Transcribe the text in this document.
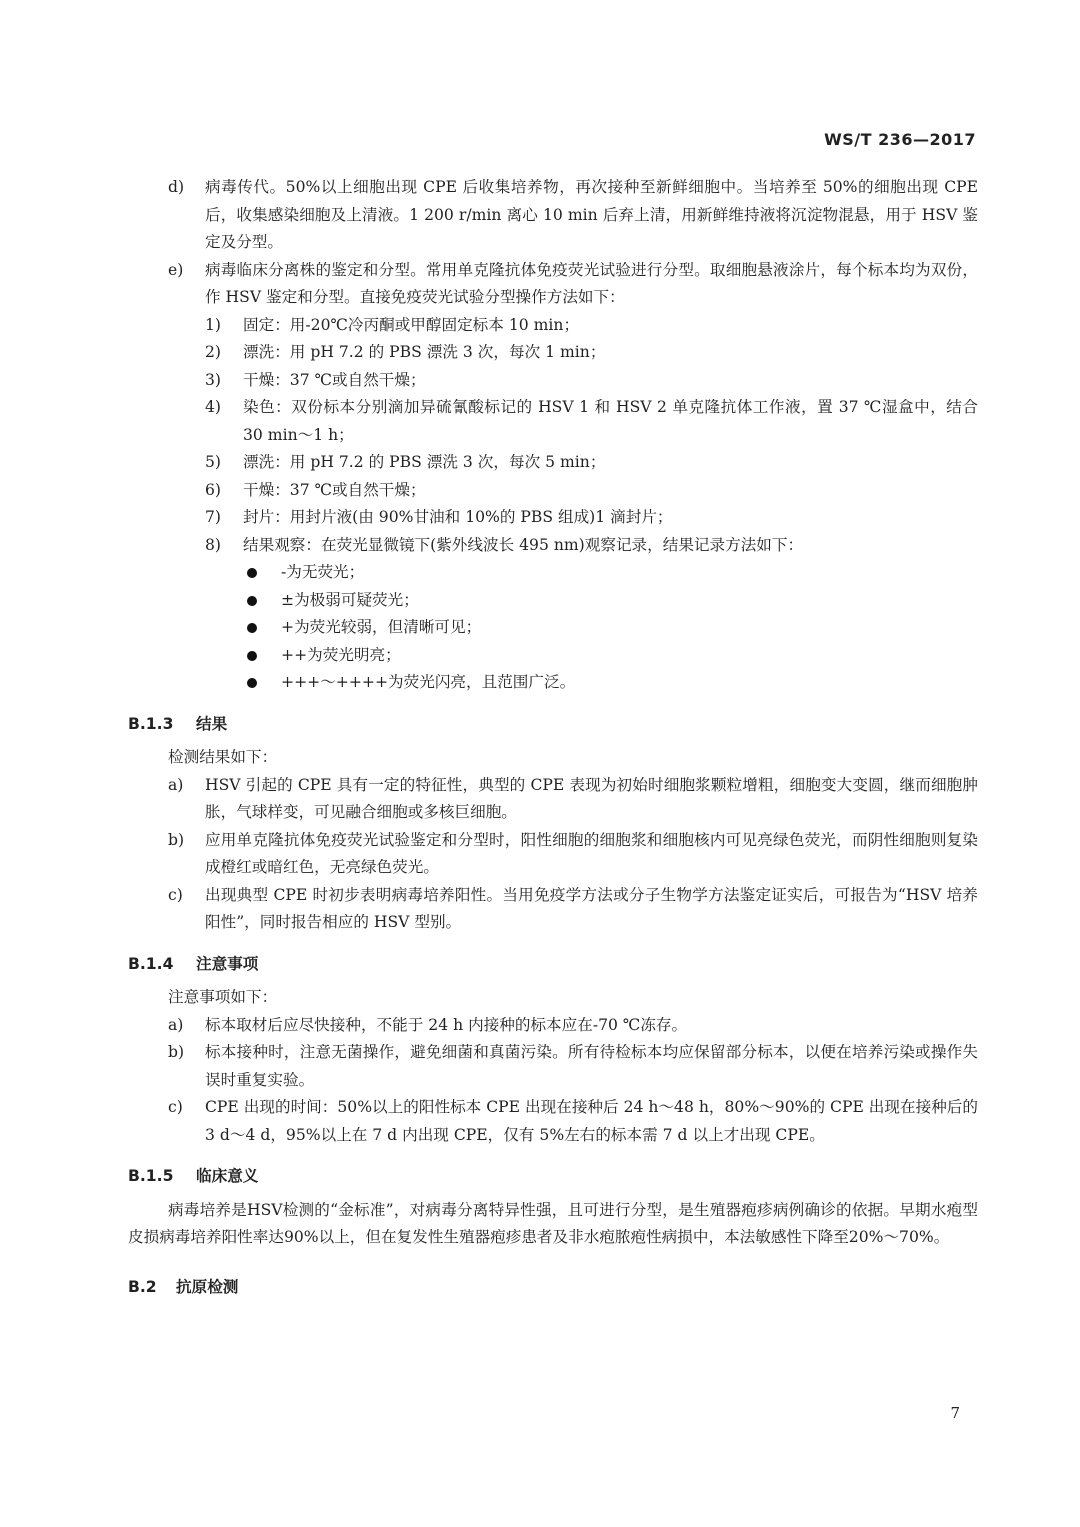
WS/T 236—2017
d) 病毒传代。50%以上细胞出现 CPE 后收集培养物，再次接种至新鲜细胞中。当培养至 50%的细胞出现 CPE 后，收集感染细胞及上清液。1 200 r/min 离心 10 min 后弃上清，用新鲜维持液将沉淀物混悬，用于 HSV 鉴定及分型。
e) 病毒临床分离株的鉴定和分型。常用单克隆抗体免疫荧光试验进行分型。取细胞悬液涂片，每个标本均为双份，作 HSV 鉴定和分型。直接免疫荧光试验分型操作方法如下：
1) 固定：用-20℃冷丙酮或甲醇固定标本 10 min；
2) 漂洗：用 pH 7.2 的 PBS 漂洗 3 次，每次 1 min；
3) 干燥：37 ℃或自然干燥；
4) 染色：双份标本分别滴加异硫氰酸标记的 HSV 1 和 HSV 2 单克隆抗体工作液，置 37 ℃湿盒中，结合 30 min～1 h；
5) 漂洗：用 pH 7.2 的 PBS 漂洗 3 次，每次 5 min；
6) 干燥：37 ℃或自然干燥；
7) 封片：用封片液(由 90%甘油和 10%的 PBS 组成)1 滴封片；
8) 结果观察：在荧光显微镜下(紫外线波长 495 nm)观察记录，结果记录方法如下：
-为无荧光；
±为极弱可疑荧光；
+为荧光较弱，但清晰可见；
++为荧光明亮；
+++～++++为荧光闪亮，且范围广泛。
B.1.3 结果
检测结果如下：
a) HSV 引起的 CPE 具有一定的特征性，典型的 CPE 表现为初始时细胞浆颗粒增粗，细胞变大变圆，继而细胞肿胀，气球样变，可见融合细胞或多核巨细胞。
b) 应用单克隆抗体免疫荧光试验鉴定和分型时，阳性细胞的细胞浆和细胞核内可见亮绿色荧光，而阴性细胞则复染成橙红或暗红色，无亮绿色荧光。
c) 出现典型 CPE 时初步表明病毒培养阳性。当用免疫学方法或分子生物学方法鉴定证实后，可报告为“HSV 培养阳性”，同时报告相应的 HSV 型别。
B.1.4 注意事项
注意事项如下：
a) 标本取材后应尽快接种，不能于 24 h 内接种的标本应在-70 ℃冻存。
b) 标本接种时，注意无菌操作，避免细菌和真菌污染。所有待检标本均应保留部分标本，以便在培养污染或操作失误时重复实验。
c) CPE 出现的时间：50%以上的阳性标本 CPE 出现在接种后 24 h～48 h，80%～90%的 CPE 出现在接种后的 3 d～4 d，95%以上在 7 d 内出现 CPE，仅有 5%左右的标本需 7 d 以上才出现 CPE。
B.1.5 临床意义
病毒培养是HSV检测的“金标准”，对病毒分离特异性强，且可进行分型，是生殖器疱疹病例确诊的依据。早期水疱型皮损病毒培养阳性率达90%以上，但在复发性生殖器疱疹患者及非水疱脓疱性病损中，本法敏感性下降至20%～70%。
B.2 抗原检测
7
